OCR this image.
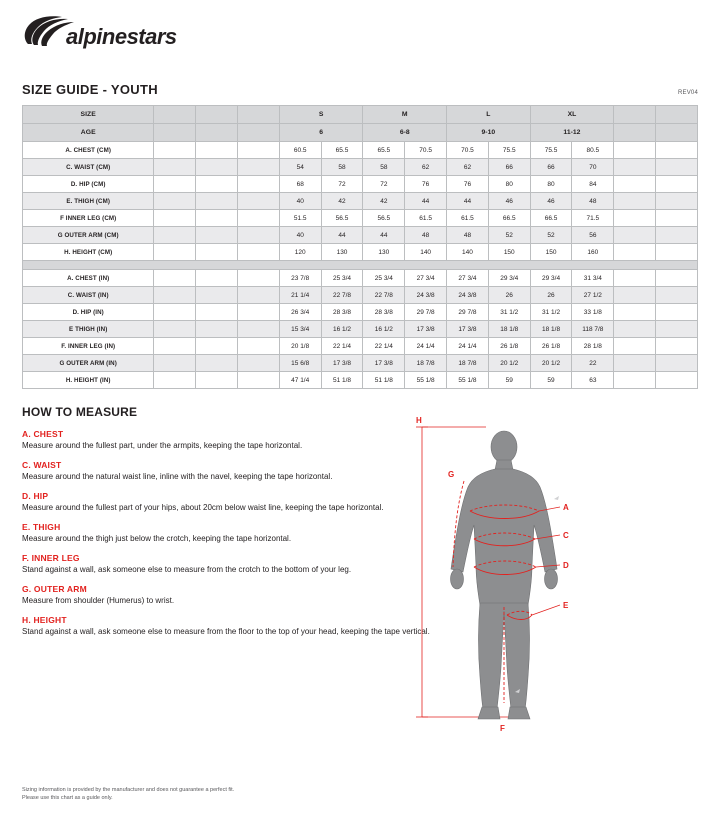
alpinestars
SIZE GUIDE - YOUTH	REV04
SIZE				S		M		L		XL			
AGE				6		6-8		9-10		11-12			
A. CHEST (CM)				60.5	65.5	65.5	70.5	70.5	75.5	75.5	80.5		
C. WAIST (CM)				54	58	58	62	62	66	66	70		
D. HIP (CM)				68	72	72	76	76	80	80	84		
E. THIGH (CM)				40	42	42	44	44	46	46	48		
F INNER LEG (CM)				51.5	56.5	56.5	61.5	61.5	66.5	66.5	71.5		
G OUTER ARM (CM)				40	44	44	48	48	52	52	56		
H. HEIGHT (CM)				120	130	130	140	140	150	150	160		

A. CHEST (IN)				23 7/8	25 3/4	25 3/4	27 3/4	27 3/4	29 3/4	29 3/4	31 3/4		
C. WAIST (IN)				21 1/4	22 7/8	22 7/8	24 3/8	24 3/8	26	26	27 1/2		
D. HIP (IN)				26 3/4	28 3/8	28 3/8	29 7/8	29 7/8	31 1/2	31 1/2	33 1/8		
E THIGH (IN)				15 3/4	16 1/2	16 1/2	17 3/8	17 3/8	18 1/8	18 1/8	118 7/8		
F. INNER LEG (IN)				20 1/8	22 1/4	22 1/4	24 1/4	24 1/4	26 1/8	26 1/8	28 1/8		
G OUTER ARM (IN)				15 6/8	17 3/8	17 3/8	18 7/8	18 7/8	20 1/2	20 1/2	22		
H. HEIGHT (IN)				47 1/4	51 1/8	51 1/8	55 1/8	55 1/8	59	59	63		
HOW TO MEASURE
A. CHEST
Measure around the fullest part, under the armpits, keeping the tape horizontal.
C. WAIST
Measure around the natural waist line, inline with the navel, keeping the tape horizontal.
D. HIP
Measure around the fullest part of your hips, about 20cm below waist line, keeping the tape horizontal.
E. THIGH
Measure around the thigh just below the crotch, keeping the tape horizontal.
F. INNER LEG
Stand against a wall, ask someone else to measure from the crotch to the bottom of your leg.
G. OUTER ARM
Measure from shoulder (Humerus) to wrist.
H. HEIGHT
Stand against a wall, ask someone else to measure from the floor to the top of your head, keeping the tape vertical.
H
G
A
C
D
E
F
Sizing information is provided by the manufacturer and does not guarantee a perfect fit.
Please use this chart as a guide only.
